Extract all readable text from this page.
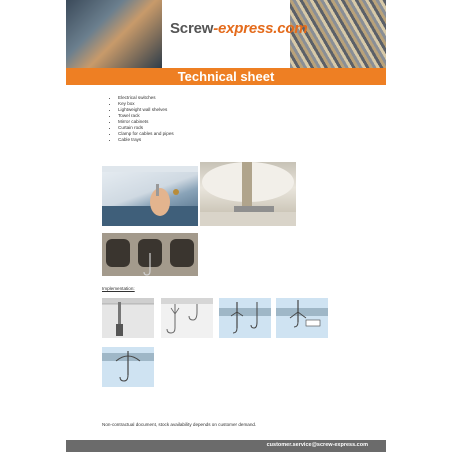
Screw-express.com
Technical sheet
• Electrical switches
• Key box
• Lightweight wall shelves
• Towel rack
• Mirror cabinets
• Curtain rods
• Clamp for cables and pipes
• Cable trays
Implementation:
Non-contractual document, stock availability depends on customer demand.
customer.service@screw-express.com
